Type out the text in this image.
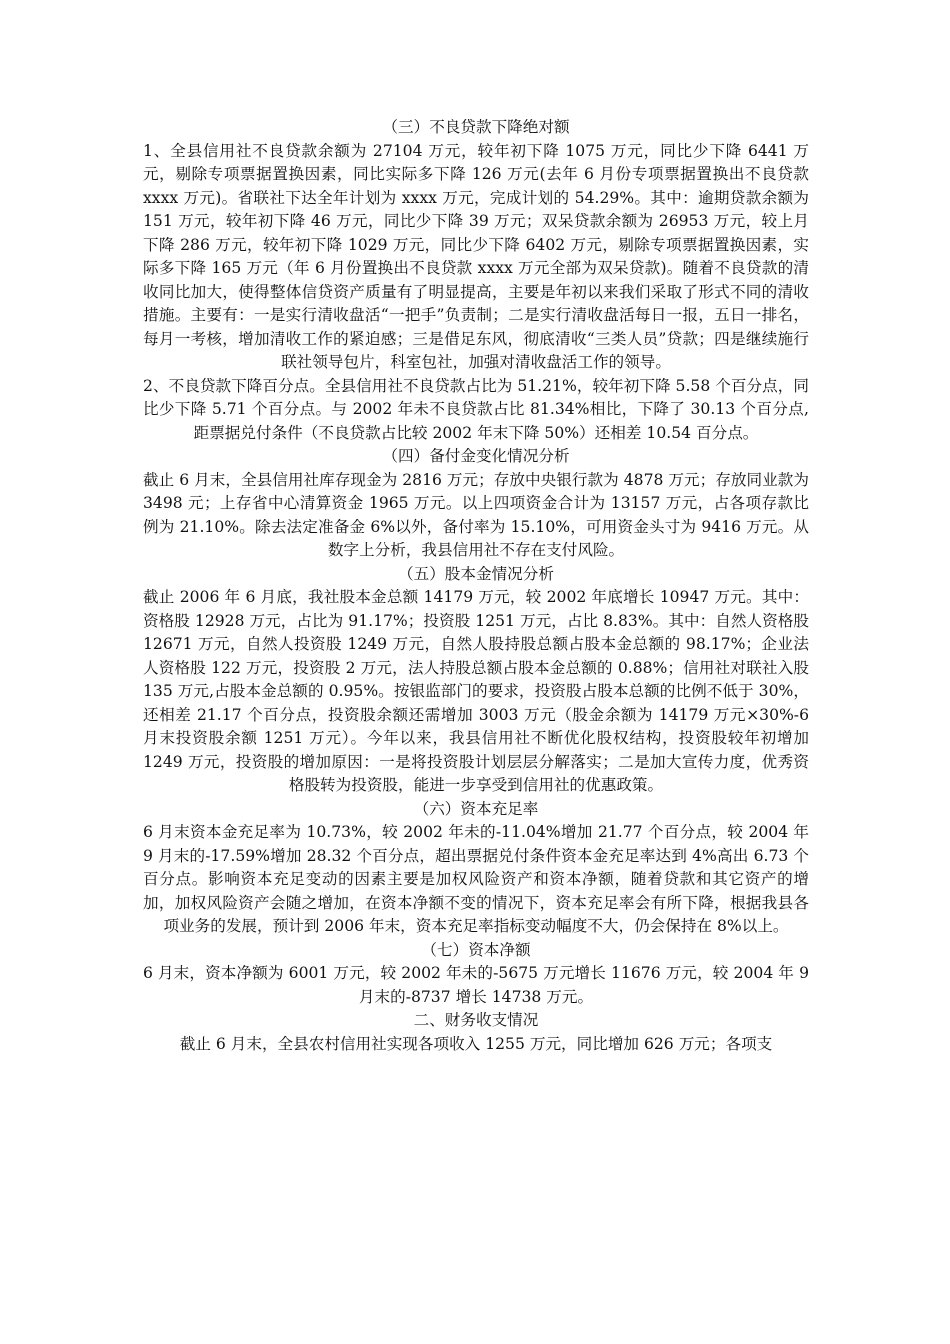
（三）不良贷款下降绝对额

1、全县信用社不良贷款余额为 27104 万元，较年初下降 1075 万元，同比少下降 6441 万元，剔除专项票据置换因素，同比实际多下降 126 万元(去年 6 月份专项票据置换出不良贷款 xxxx 万元)。省联社下达全年计划为 xxxx 万元，完成计划的 54.29%。其中：逾期贷款余额为 151 万元，较年初下降 46 万元，同比少下降 39 万元；双呆贷款余额为 26953 万元，较上月下降 286 万元，较年初下降 1029 万元，同比少下降 6402 万元，剔除专项票据置换因素，实际多下降 165 万元（年 6 月份置换出不良贷款 xxxx 万元全部为双呆贷款)。随着不良贷款的清收同比加大，使得整体信贷资产质量有了明显提高，主要是年初以来我们采取了形式不同的清收措施。主要有：一是实行清收盘活“一把手”负责制；二是实行清收盘活每日一报，五日一排名，每月一考核，增加清收工作的紧迫感；三是借足东风，彻底清收“三类人员”贷款；四是继续施行联社领导包片，科室包社，加强对清收盘活工作的领导。

2、不良贷款下降百分点。全县信用社不良贷款占比为 51.21%，较年初下降 5.58 个百分点，同比少下降 5.71 个百分点。与 2002 年未不良贷款占比 81.34%相比，下降了 30.13 个百分点,距票据兑付条件（不良贷款占比较 2002 年末下降 50%）还相差 10.54 百分点。

（四）备付金变化情况分析

截止 6 月末，全县信用社库存现金为 2816 万元；存放中央银行款为 4878 万元；存放同业款为 3498 元；上存省中心清算资金 1965 万元。以上四项资金合计为 13157 万元，占各项存款比例为 21.10%。除去法定准备金 6%以外，备付率为 15.10%，可用资金头寸为 9416 万元。从数字上分析，我县信用社不存在支付风险。

（五）股本金情况分析

截止 2006 年 6 月底，我社股本金总额 14179 万元，较 2002 年底增长 10947 万元。其中：资格股 12928 万元，占比为 91.17%；投资股 1251 万元，占比 8.83%。其中：自然人资格股 12671 万元，自然人投资股 1249 万元，自然人股持股总额占股本金总额的 98.17%；企业法人资格股 122 万元，投资股 2 万元，法人持股总额占股本金总额的 0.88%；信用社对联社入股 135 万元,占股本金总额的 0.95%。按银监部门的要求，投资股占股本总额的比例不低于 30%，还相差 21.17 个百分点，投资股余额还需增加 3003 万元（股金余额为 14179 万元×30%-6 月末投资股余额 1251 万元）。今年以来，我县信用社不断优化股权结构，投资股较年初增加 1249 万元，投资股的增加原因：一是将投资股计划层层分解落实；二是加大宣传力度，优秀资格股转为投资股，能进一步享受到信用社的优惠政策。

（六）资本充足率

6 月末资本金充足率为 10.73%，较 2002 年未的-11.04%增加 21.77 个百分点，较 2004 年 9 月末的-17.59%增加 28.32 个百分点，超出票据兑付条件资本金充足率达到 4%高出 6.73 个百分点。影响资本充足变动的因素主要是加权风险资产和资本净额，随着贷款和其它资产的增加，加权风险资产会随之增加，在资本净额不变的情况下，资本充足率会有所下降，根据我县各项业务的发展，预计到 2006 年末，资本充足率指标变动幅度不大，仍会保持在 8%以上。

（七）资本净额

6 月末，资本净额为 6001 万元，较 2002 年未的-5675 万元增长 11676 万元，较 2004 年 9 月末的-8737 增长 14738 万元。

二、财务收支情况

截止 6 月末，全县农村信用社实现各项收入 1255 万元，同比增加 626 万元；各项支
